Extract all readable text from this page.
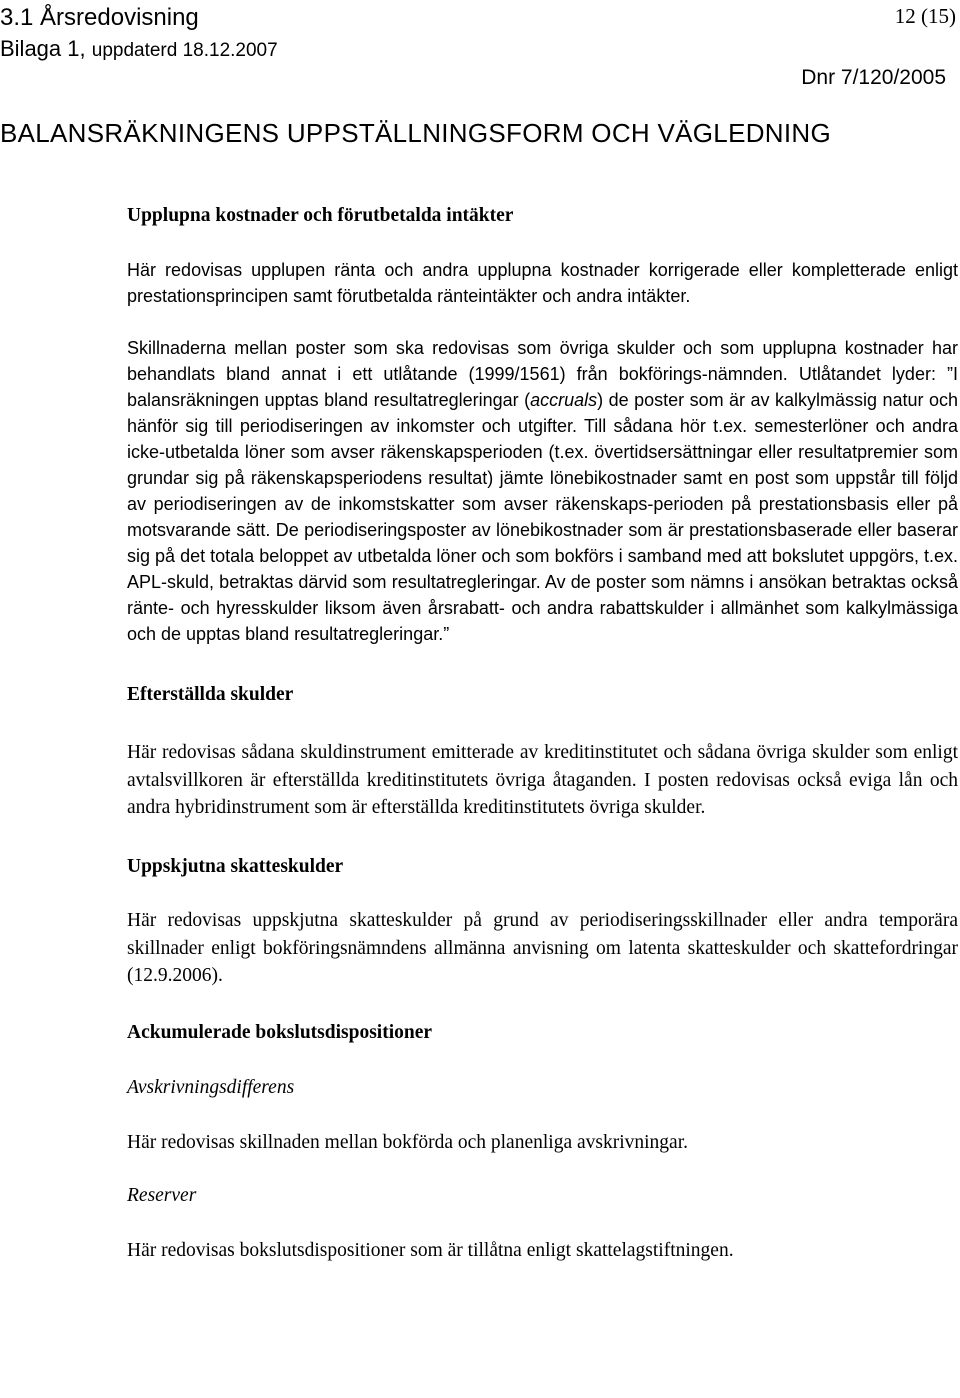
3.1 Årsredovisning
Bilaga 1, uppdaterd 18.12.2007
12 (15)
Dnr 7/120/2005
BALANSRÄKNINGENS UPPSTÄLLNINGSFORM OCH VÄGLEDNING
Upplupna kostnader och förutbetalda intäkter

Här redovisas upplupen ränta och andra upplupna kostnader korrigerade eller kompletterade enligt prestationsprincipen samt förutbetalda ränteintäkter och andra intäkter.

Skillnaderna mellan poster som ska redovisas som övriga skulder och som upplupna kostnader har behandlats bland annat i ett utlåtande (1999/1561) från bokförings-nämnden. Utlåtandet lyder: ”I balansräkningen upptas bland resultatregleringar (accruals) de poster som är av kalkylmässig natur och hänför sig till periodiseringen av inkomster och utgifter. Till sådana hör t.ex. semesterlöner och andra icke-utbetalda löner som avser räkenskapsperioden (t.ex. övertidsersättningar eller resultatpremier som grundar sig på räkenskapsperiodens resultat) jämte lönebikostnader samt en post som uppstår till följd av periodiseringen av de inkomstskatter som avser räkenskaps-perioden på prestationsbasis eller på motsvarande sätt. De periodiseringsposter av lönebikostnader som är prestationsbaserade eller baserar sig på det totala beloppet av utbetalda löner och som bokförs i samband med att bokslutet uppgörs, t.ex. APL-skuld, betraktas därvid som resultatregleringar. Av de poster som nämns i ansökan betraktas också ränte- och hyresskulder liksom även årsrabatt- och andra rabattskulder i allmänhet som kalkylmässiga och de upptas bland resultatregleringar.”

Efterställda skulder

Här redovisas sådana skuldinstrument emitterade av kreditinstitutet och sådana övriga skulder som enligt avtalsvillkoren är efterställda kreditinstitutets övriga åtaganden. I posten redovisas också eviga lån och andra hybridinstrument som är efterställda kreditinstitutets övriga skulder.

Uppskjutna skatteskulder

Här redovisas uppskjutna skatteskulder på grund av periodiseringsskillnader eller andra temporära skillnader enligt bokföringsnämndens allmänna anvisning om latenta skatteskulder och skattefordringar (12.9.2006).

Ackumulerade bokslutsdispositioner
Avskrivningsdifferens

Här redovisas skillnaden mellan bokförda och planenliga avskrivningar.

Reserver

Här redovisas bokslutsdispositioner som är tillåtna enligt skattelagstiftningen.
